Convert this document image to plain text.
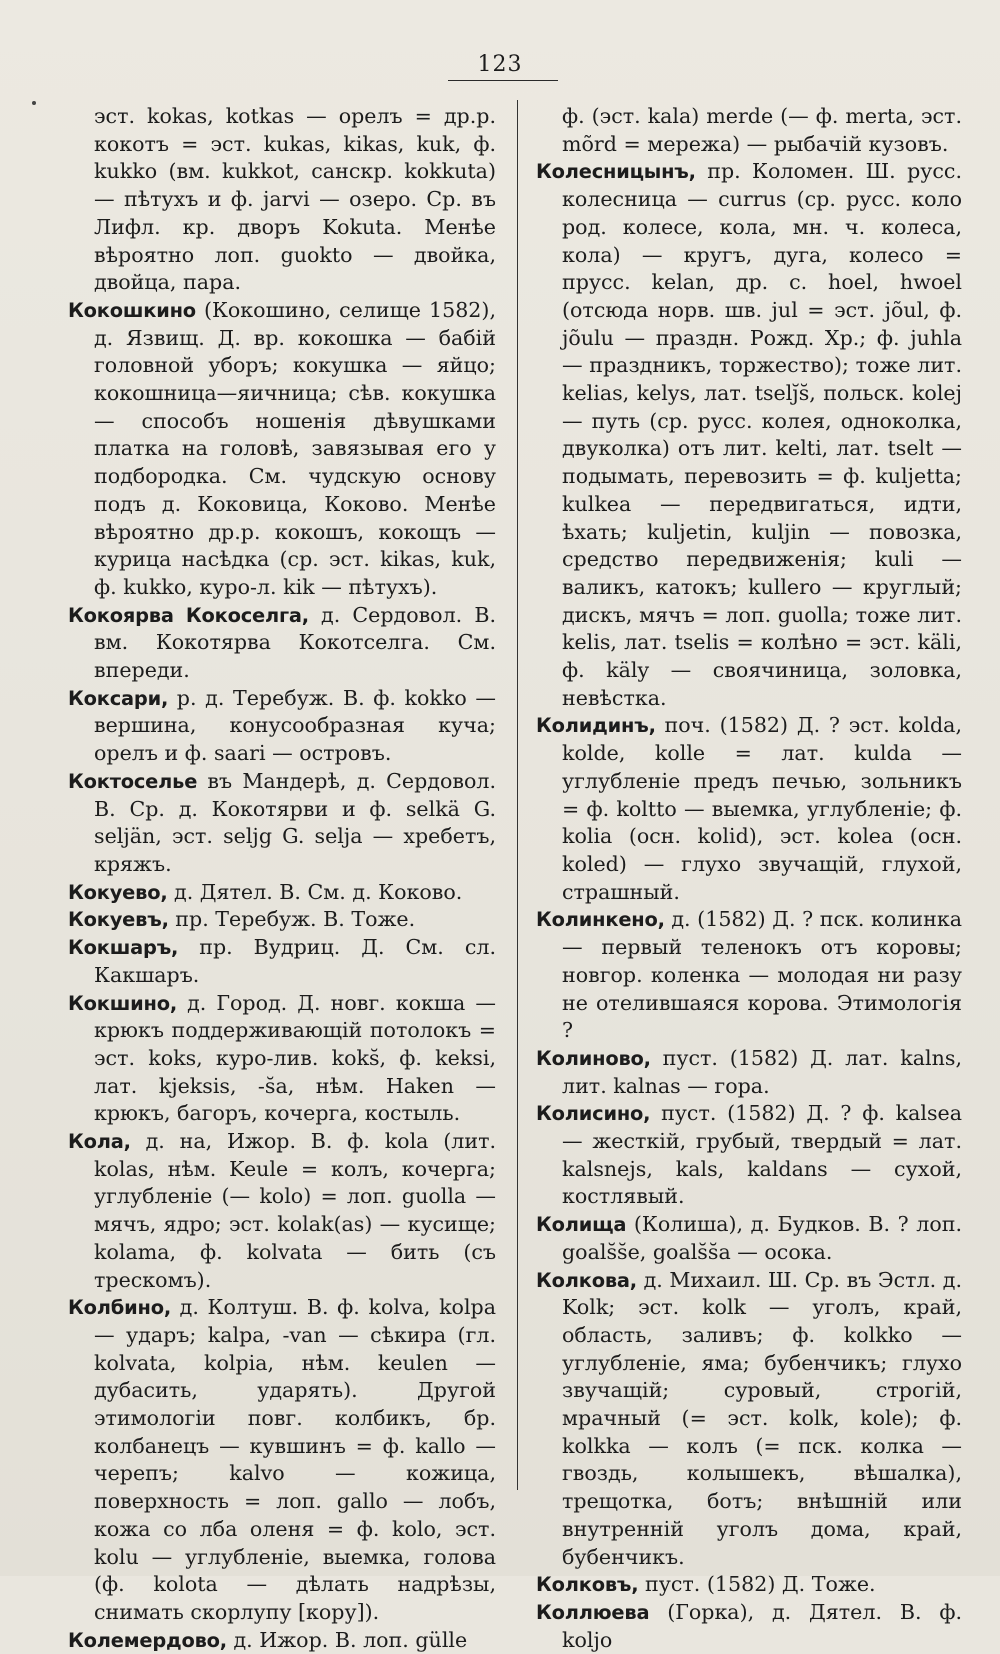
123

эст. kokas, kotkas — орелъ = др.р. кокотъ = эст. kukas, kikas, kuk, ф. kukko (вм. kukkot, санскр. kokkuta) — пѣтухъ и ф. jarvi — озеро. Ср. въ Лифл. кр. дворъ Kokuta. Менѣе вѣроятно лоп. guokto — двойка, двойца, пара.

Кокошкино (Кокошино, селище 1582), д. Язвищ. Д. вр. кокошка — бабій головной уборъ; кокушка — яйцо; кокошница—яичница; сѣв. кокушка — способъ ношенія дѣвушками платка на головѣ, завязывая его у подбородка. См. чудскую основу подъ д. Коковица, Коково. Менѣе вѣроятно др.р. кокошъ, кокощъ — курица насѣдка (ср. эст. kikas, kuk, ф. kukko, куро-л. kik — пѣтухъ).

Кокоярва Кокоселга, д. Сердовол. В. вм. Кокотярва Кокотселга. См. впереди.

Коксари, р. д. Теребуж. В. ф. kokko — вершина, конусообразная куча; орелъ и ф. saari — островъ.

Коктоселье въ Мандерѣ, д. Сердовол. В. Ср. д. Кокотярви и ф. selkä G. seljän, эст. seljg G. selja — хребетъ, кряжъ.

Кокуево, д. Дятел. В. См. д. Коково.

Кокуевъ, пр. Теребуж. В. Тоже.

Кокшаръ, пр. Вудриц. Д. См. сл. Какшаръ.

Кокшино, д. Город. Д. новг. кокша — крюкъ поддерживающій потолокъ = эст. koks, куро-лив. koks̆, ф. keksi, лат. kjeksis, -s̆a, нѣм. Haken — крюкъ, багоръ, кочерга, костыль.

Кола, д. на, Ижор. В. ф. kola (лит. kolas, нѣм. Keule = колъ, кочерга; углубленіе (— kolo) = лоп. guolla — мячъ, ядро; эст. kolak(as) — кусище; kolama, ф. kolvata — бить (съ трескомъ).

Колбино, д. Колтуш. В. ф. kolva, kolpa — ударъ; kalpa, -van — сѣкира (гл. kolvata, kolpia, нѣм. keulen — дубасить, ударять). Другой этимологіи повг. колбикъ, бр. колбанецъ — кувшинъ = ф. kallo — черепъ; kalvo — кожица, поверхность = лоп. gallo — лобъ, кожа со лба оленя = ф. kolo, эст. kolu — углубленіе, выемка, голова (ф. kolota — дѣлать надрѣзы, снимать скорлупу [кору]).

Колемердово, д. Ижор. В. лоп. gülle

ф. (эст. kala) merde (— ф. merta, эст. mõrd = мережа) — рыбачій кузовъ.

Колесницынъ, пр. Коломен. Ш. русс. колесница — currus (ср. русс. коло род. колесе, кола, мн. ч. колеса, кола) — кругъ, дуга, колесо = прусс. kelan, др. с. hoel, hwoel (отсюда норв. шв. jul = эст. jõul, ф. jõulu — праздн. Рожд. Хр.; ф. juhla — праздникъ, торжество); тоже лит. kelias, kelys, лат. tselj̆s̆, польск. kolej — путь (ср. русс. колея, одноколка, двуколка) отъ лит. kelti, лат. tselt — подымать, перевозить = ф. kuljetta; kulkea — передвигаться, идти, ѣхать; kuljetin, kuljin — повозка, средство передвиженія; kuli — валикъ, катокъ; kullero — круглый; дискъ, мячъ = лоп. guolla; тоже лит. kelis, лат. tselis = колѣно = эст. käli, ф. käly — своячиница, золовка, невѣстка.

Колидинъ, поч. (1582) Д. ? эст. kolda, kolde, kolle = лат. kulda — углубленіе предъ печью, зольникъ = ф. koltto — выемка, углубленіе; ф. kolia (осн. kolid), эст. kolea (осн. koled) — глухо звучащій, глухой, страшный.

Колинкено, д. (1582) Д. ? пск. колинка — первый теленокъ отъ коровы; новгор. коленка — молодая ни разу не отелившаяся корова. Этимологія ?

Колиново, пуст. (1582) Д. лат. kalns, лит. kalnas — гора.

Колисино, пуст. (1582) Д. ? ф. kalsea — жесткій, грубый, твердый = лат. kalsnejs, kals, kaldans — сухой, костлявый.

Колища (Колиша), д. Будков. В. ? лоп. goals̆s̆e, goals̆s̆a — осока.

Колкова, д. Михаил. Ш. Ср. въ Эстл. д. Kolk; эст. kolk — уголъ, край, область, заливъ; ф. kolkko — углубленіе, яма; бубенчикъ; глухо звучащій; суровый, строгій, мрачный (= эст. kolk, kole); ф. kolkka — колъ (= пск. колка — гвоздь, колышекъ, вѣшалка), трещотка, ботъ; внѣшній или внутренній уголъ дома, край, бубенчикъ.

Колковъ, пуст. (1582) Д. Тоже.

Коллюева (Горка), д. Дятел. В. ф. koljo
